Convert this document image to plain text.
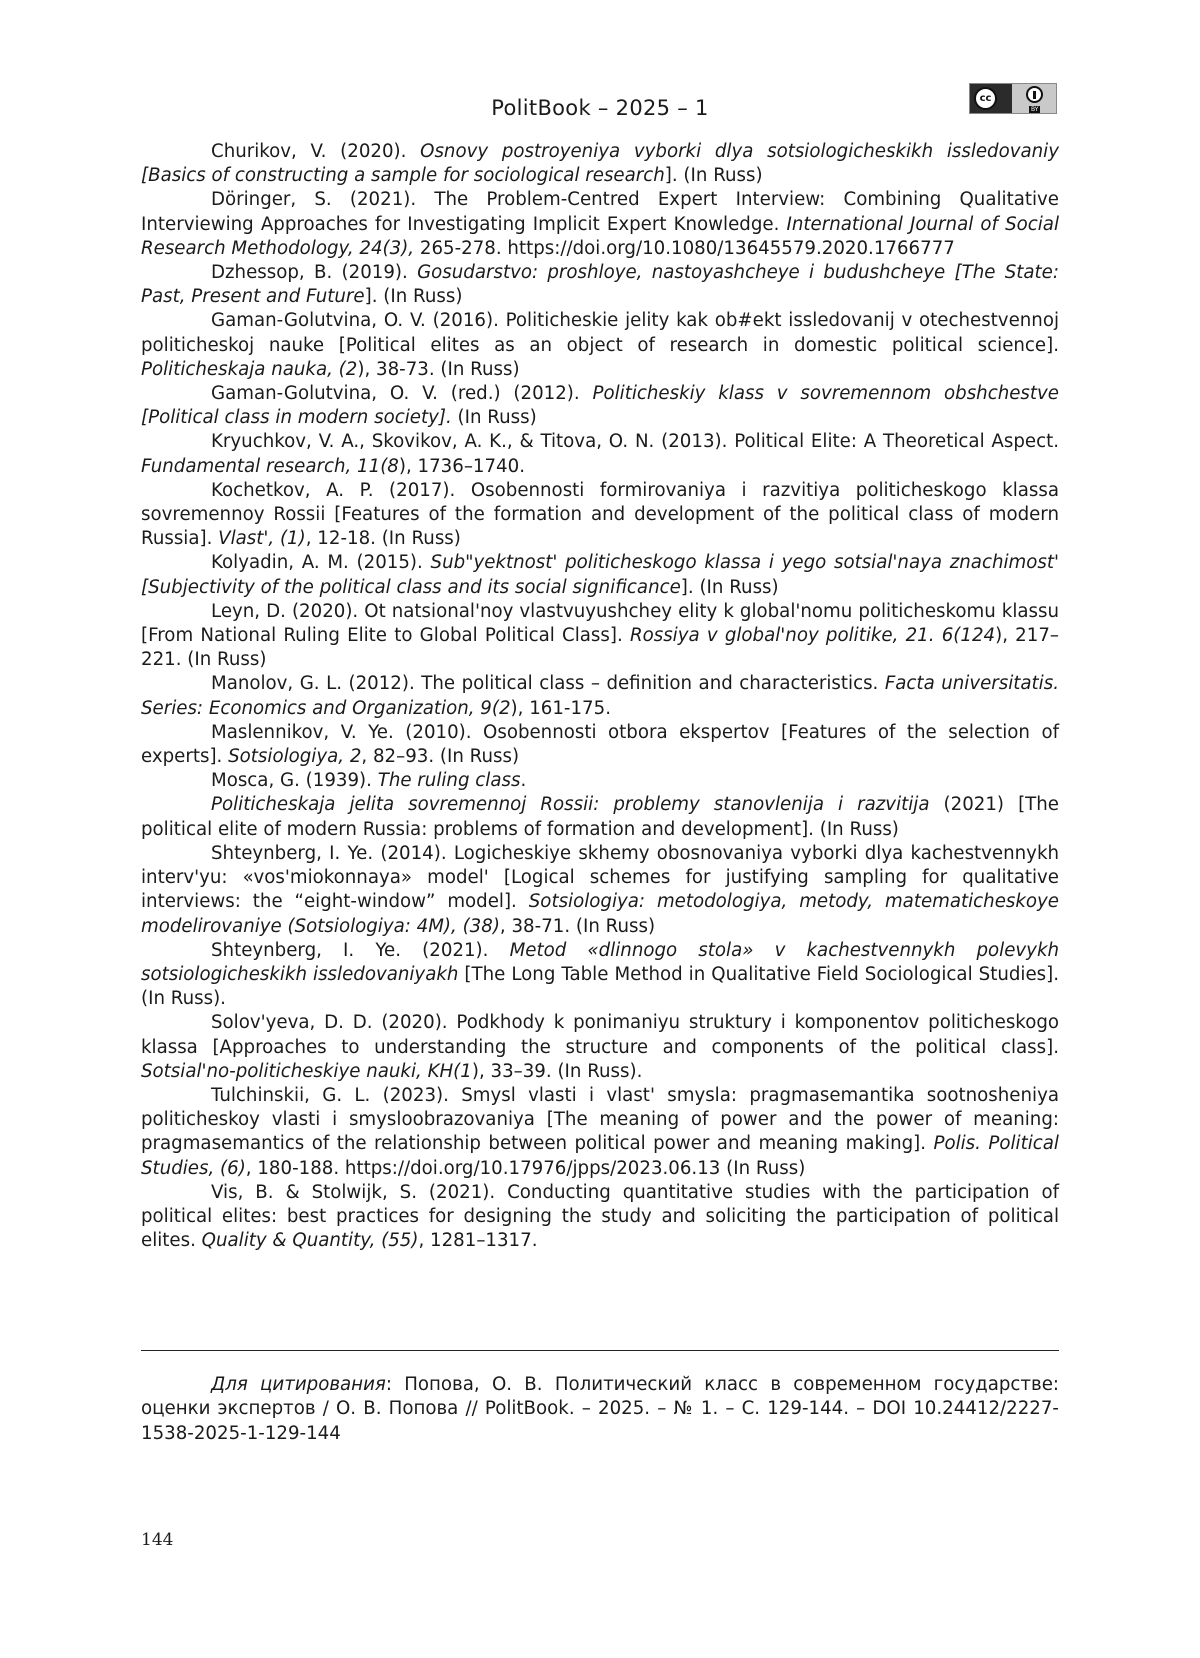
PolitBook – 2025 – 1	cc
BY

Churikov, V. (2020). Osnovy postroyeniya vyborki dlya sotsiologicheskikh issledovaniy [Basics of constructing a sample for sociological research]. (In Russ)

Döringer, S. (2021). The Problem-Centred Expert Interview: Combining Qualitative Interviewing Approaches for Investigating Implicit Expert Knowledge. International Journal of Social Research Methodology, 24(3), 265-278. https://doi.org/10.1080/13645579.2020.1766777

Dzhessop, B. (2019). Gosudarstvo: proshloye, nastoyashcheye i budushcheye [The State: Past, Present and Future]. (In Russ)

Gaman-Golutvina, O. V. (2016). Politicheskie jelity kak ob#ekt issledovanij v otechestvennoj politicheskoj nauke [Political elites as an object of research in domestic political science]. Politicheskaja nauka, (2), 38-73. (In Russ)

Gaman-Golutvina, O. V. (red.) (2012). Politicheskiy klass v sovremennom obshchestve [Political class in modern society]. (In Russ)

Kryuchkov, V. A., Skovikov, A. K., & Titova, O. N. (2013). Political Elite: A Theoretical Aspect. Fundamental research, 11(8), 1736–1740.

Kochetkov, A. P. (2017). Osobennosti formirovaniya i razvitiya politicheskogo klassa sovremennoy Rossii [Features of the formation and development of the political class of modern Russia]. Vlast', (1), 12-18. (In Russ)

Kolyadin, A. M. (2015). Sub"yektnost' politicheskogo klassa i yego sotsial'naya znachimost' [Subjectivity of the political class and its social significance]. (In Russ)

Leyn, D. (2020). Ot natsional'noy vlastvuyushchey elity k global'nomu politicheskomu klassu [From National Ruling Elite to Global Political Class]. Rossiya v global'noy politike, 21. 6(124), 217–221. (In Russ)

Manolov, G. L. (2012). The political class – definition and characteristics. Facta universitatis. Series: Economics and Organization, 9(2), 161-175.

Maslennikov, V. Ye. (2010). Osobennosti otbora ekspertov [Features of the selection of experts]. Sotsiologiya, 2, 82–93. (In Russ)

Mosca, G. (1939). The ruling class.

Politicheskaja jelita sovremennoj Rossii: problemy stanovlenija i razvitija (2021) [The political elite of modern Russia: problems of formation and development]. (In Russ)

Shteynberg, I. Ye. (2014). Logicheskiye skhemy obosnovaniya vyborki dlya kachestvennykh interv'yu: «vos'miokonnaya» model' [Logical schemes for justifying sampling for qualitative interviews: the “eight-window” model]. Sotsiologiya: metodologiya, metody, matematicheskoye modelirovaniye (Sotsiologiya: 4M), (38), 38-71. (In Russ)

Shteynberg, I. Ye. (2021). Metod «dlinnogo stola» v kachestvennykh polevykh sotsiologicheskikh issledovaniyakh [The Long Table Method in Qualitative Field Sociological Studies]. (In Russ).

Solov'yeva, D. D. (2020). Podkhody k ponimaniyu struktury i komponentov politicheskogo klassa [Approaches to understanding the structure and components of the political class]. Sotsial'no-politicheskiye nauki, KH(1), 33–39. (In Russ).

Tulchinskii, G. L. (2023). Smysl vlasti i vlast' smysla: pragmasemantika sootnosheniya politicheskoy vlasti i smysloobrazovaniya [The meaning of power and the power of meaning: pragmasemantics of the relationship between political power and meaning making]. Polis. Political Studies, (6), 180-188. https://doi.org/10.17976/jpps/2023.06.13 (In Russ)

Vis, B. & Stolwijk, S. (2021). Conducting quantitative studies with the participation of political elites: best practices for designing the study and soliciting the participation of political elites. Quality & Quantity, (55), 1281–1317.

Для цитирования: Попова, О. В. Политический класс в современном государстве: оценки экспертов / О. В. Попова // PolitBook. – 2025. – № 1. – С. 129-144. – DOI 10.24412/2227-1538-2025-1-129-144

144
